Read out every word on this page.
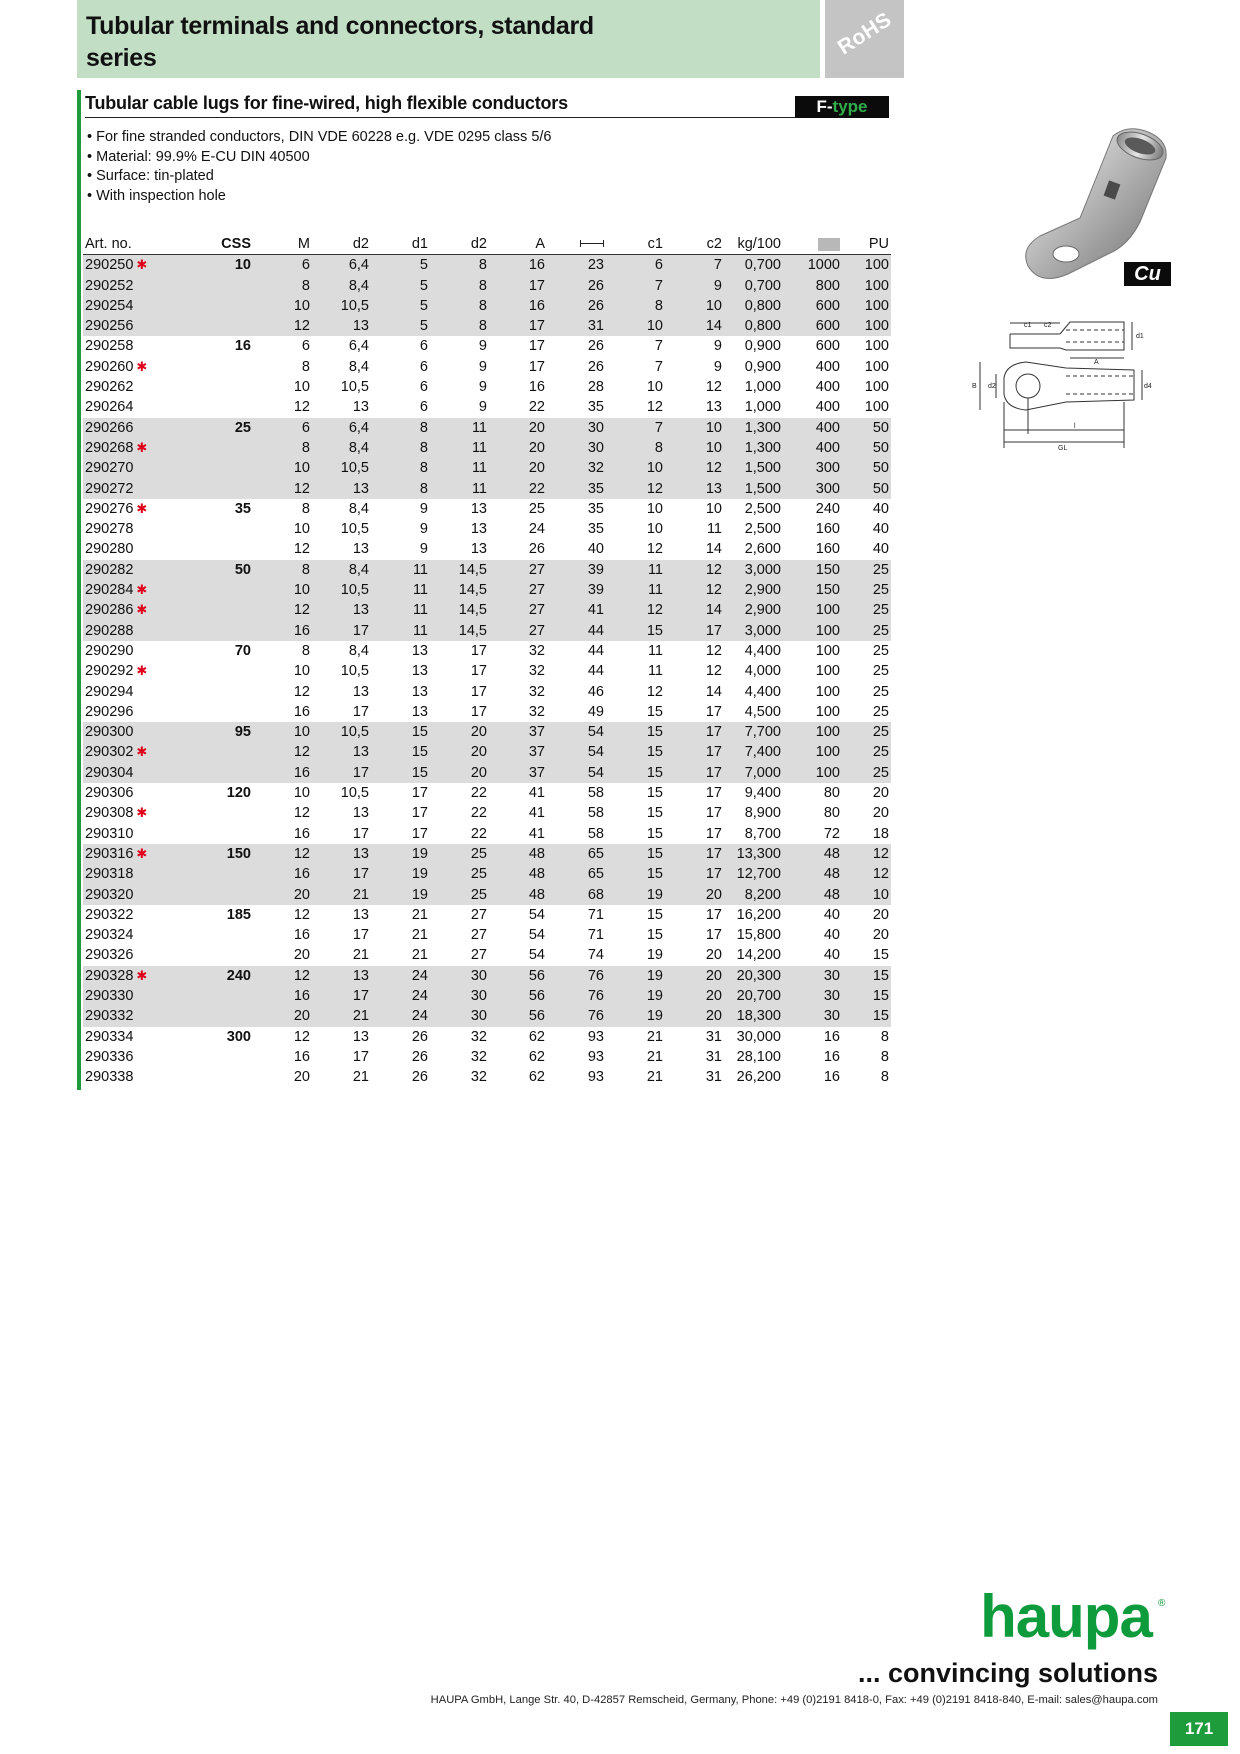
Tubular terminals and connectors, standard series	RoHS
Tubular cable lugs for fine-wired, high flexible conductors	F-type
• For fine stranded conductors, DIN VDE 60228 e.g. VDE 0295 class 5/6
• Material: 99.9% E-CU DIN 40500
• Surface: tin-plated
• With inspection hole
Art. no.	CSS	M	d2	d1	d2	A		c1	c2	kg/100		PU
290250 ✱	10	6	6,4	5	8	16	23	6	7	0,700	1000	100
290252		8	8,4	5	8	17	26	7	9	0,700	800	100
290254		10	10,5	5	8	16	26	8	10	0,800	600	100
290256		12	13	5	8	17	31	10	14	0,800	600	100
290258	16	6	6,4	6	9	17	26	7	9	0,900	600	100
290260 ✱		8	8,4	6	9	17	26	7	9	0,900	400	100
290262		10	10,5	6	9	16	28	10	12	1,000	400	100
290264		12	13	6	9	22	35	12	13	1,000	400	100
290266	25	6	6,4	8	11	20	30	7	10	1,300	400	50
290268 ✱		8	8,4	8	11	20	30	8	10	1,300	400	50
290270		10	10,5	8	11	20	32	10	12	1,500	300	50
290272		12	13	8	11	22	35	12	13	1,500	300	50
290276 ✱	35	8	8,4	9	13	25	35	10	10	2,500	240	40
290278		10	10,5	9	13	24	35	10	11	2,500	160	40
290280		12	13	9	13	26	40	12	14	2,600	160	40
290282	50	8	8,4	11	14,5	27	39	11	12	3,000	150	25
290284 ✱		10	10,5	11	14,5	27	39	11	12	2,900	150	25
290286 ✱		12	13	11	14,5	27	41	12	14	2,900	100	25
290288		16	17	11	14,5	27	44	15	17	3,000	100	25
290290	70	8	8,4	13	17	32	44	11	12	4,400	100	25
290292 ✱		10	10,5	13	17	32	44	11	12	4,000	100	25
290294		12	13	13	17	32	46	12	14	4,400	100	25
290296		16	17	13	17	32	49	15	17	4,500	100	25
290300	95	10	10,5	15	20	37	54	15	17	7,700	100	25
290302 ✱		12	13	15	20	37	54	15	17	7,400	100	25
290304		16	17	15	20	37	54	15	17	7,000	100	25
290306	120	10	10,5	17	22	41	58	15	17	9,400	80	20
290308 ✱		12	13	17	22	41	58	15	17	8,900	80	20
290310		16	17	17	22	41	58	15	17	8,700	72	18
290316 ✱	150	12	13	19	25	48	65	15	17	13,300	48	12
290318		16	17	19	25	48	65	15	17	12,700	48	12
290320		20	21	19	25	48	68	19	20	8,200	48	10
290322	185	12	13	21	27	54	71	15	17	16,200	40	20
290324		16	17	21	27	54	71	15	17	15,800	40	20
290326		20	21	21	27	54	74	19	20	14,200	40	15
290328 ✱	240	12	13	24	30	56	76	19	20	20,300	30	15
290330		16	17	24	30	56	76	19	20	20,700	30	15
290332		20	21	24	30	56	76	19	20	18,300	30	15
290334	300	12	13	26	32	62	93	21	31	30,000	16	8
290336		16	17	26	32	62	93	21	31	28,100	16	8
290338		20	21	26	32	62	93	21	31	26,200	16	8
Cu
c1 c2
d1
A
B d2	d4
l
GL
haupa ®
... convincing solutions
HAUPA GmbH, Lange Str. 40, D-42857 Remscheid, Germany, Phone: +49 (0)2191 8418-0, Fax: +49 (0)2191 8418-840, E-mail: sales@haupa.com
171
